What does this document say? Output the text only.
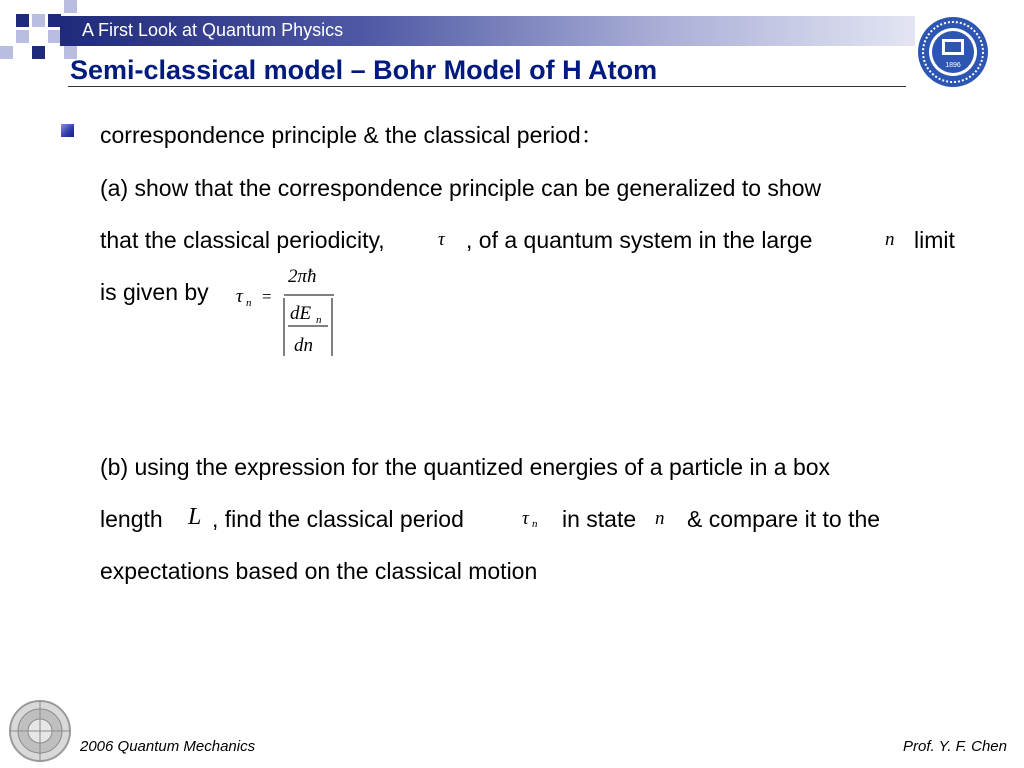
A First Look at Quantum Physics
Semi-classical model – Bohr Model of H Atom	1896
correspondence principle & the classical period：
(a) show that the correspondence principle can be generalized to show
that the classical periodicity,	τ , of a quantum system in the large	n limit
is given by τ n =
2πħ
dE n
dn
(b) using the expression for the quantized energies of a particle in a box
length L , find the classical period	τ n in state n & compare it to the
expectations based on the classical motion
2006 Quantum Mechanics	Prof. Y. F. Chen
